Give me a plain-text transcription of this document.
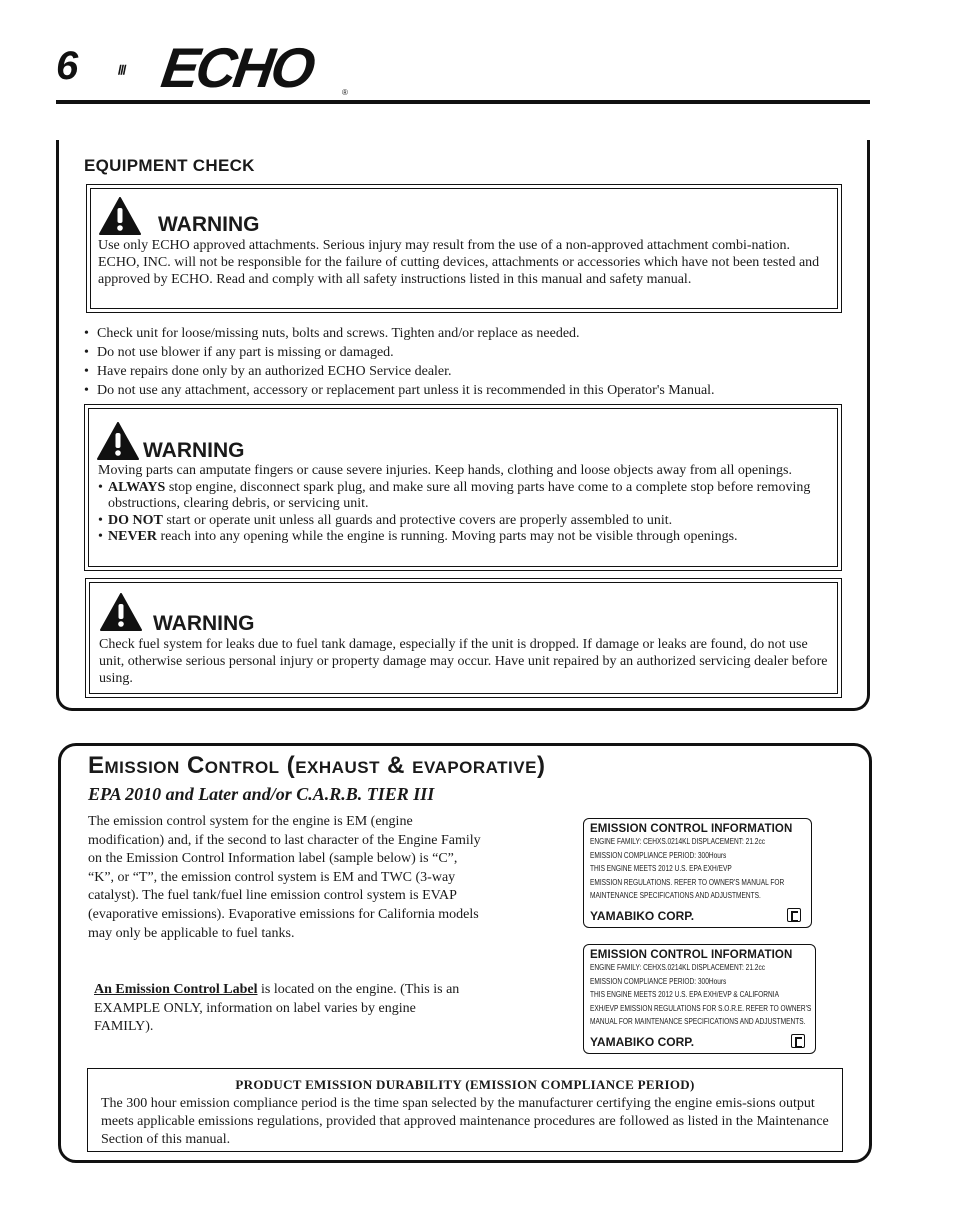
6 ECHO	®
EQUIPMENT CHECK
WARNING
Use only ECHO approved attachments. Serious injury may result from the use of a non-approved attachment combi-nation. ECHO, INC. will not be responsible for the failure of cutting devices, attachments or accessories which have not been tested and approved by ECHO. Read and comply with all safety instructions listed in this manual and safety manual.
• Check unit for loose/missing nuts, bolts and screws. Tighten and/or replace as needed.
• Do not use blower if any part is missing or damaged.
• Have repairs done only by an authorized ECHO Service dealer.
• Do not use any attachment, accessory or replacement part unless it is recommended in this Operator's Manual.
WARNING
Moving parts can amputate fingers or cause severe injuries. Keep hands, clothing and loose objects away from all openings.
• ALWAYS stop engine, disconnect spark plug, and make sure all moving parts have come to a complete stop before removing obstructions, clearing debris, or servicing unit.
• DO NOT start or operate unit unless all guards and protective covers are properly assembled to unit.
• NEVER reach into any opening while the engine is running. Moving parts may not be visible through openings.
WARNING
Check fuel system for leaks due to fuel tank damage, especially if the unit is dropped. If damage or leaks are found, do not use unit, otherwise serious personal injury or property damage may occur. Have unit repaired by an authorized servicing dealer before using.
Emission Control (exhaust & evaporative)
EPA 2010 and Later and/or C.A.R.B. TIER III
The emission control system for the engine is EM (engine modification) and, if the second to last character of the Engine Family on the Emission Control Information label (sample below) is “C”, “K”, or “T”, the emission control system is EM and TWC (3-way catalyst). The fuel tank/fuel line emission control system is EVAP (evaporative emissions). Evaporative emissions for California models may only be applicable to fuel tanks.
An Emission Control Label is located on the engine. (This is an EXAMPLE ONLY, information on label varies by engine FAMILY).
EMISSION CONTROL INFORMATION
ENGINE FAMILY: CEHXS.0214KL DISPLACEMENT: 21.2cc
EMISSION COMPLIANCE PERIOD: 300Hours
THIS ENGINE MEETS 2012 U.S. EPA EXH/EVP
EMISSION REGULATIONS. REFER TO OWNER'S MANUAL FOR
MAINTENANCE SPECIFICATIONS AND ADJUSTMENTS.
YAMABIKO CORP.
EMISSION CONTROL INFORMATION
ENGINE FAMILY: CEHXS.0214KL DISPLACEMENT: 21.2cc
EMISSION COMPLIANCE PERIOD: 300Hours
THIS ENGINE MEETS 2012 U.S. EPA EXH/EVP & CALIFORNIA
EXH/EVP EMISSION REGULATIONS FOR S.O.R.E. REFER TO OWNER'S
MANUAL FOR MAINTENANCE SPECIFICATIONS AND ADJUSTMENTS.
YAMABIKO CORP.
PRODUCT EMISSION DURABILITY (EMISSION COMPLIANCE PERIOD)
The 300 hour emission compliance period is the time span selected by the manufacturer certifying the engine emis-sions output meets applicable emissions regulations, provided that approved maintenance procedures are followed as listed in the Maintenance Section of this manual.
